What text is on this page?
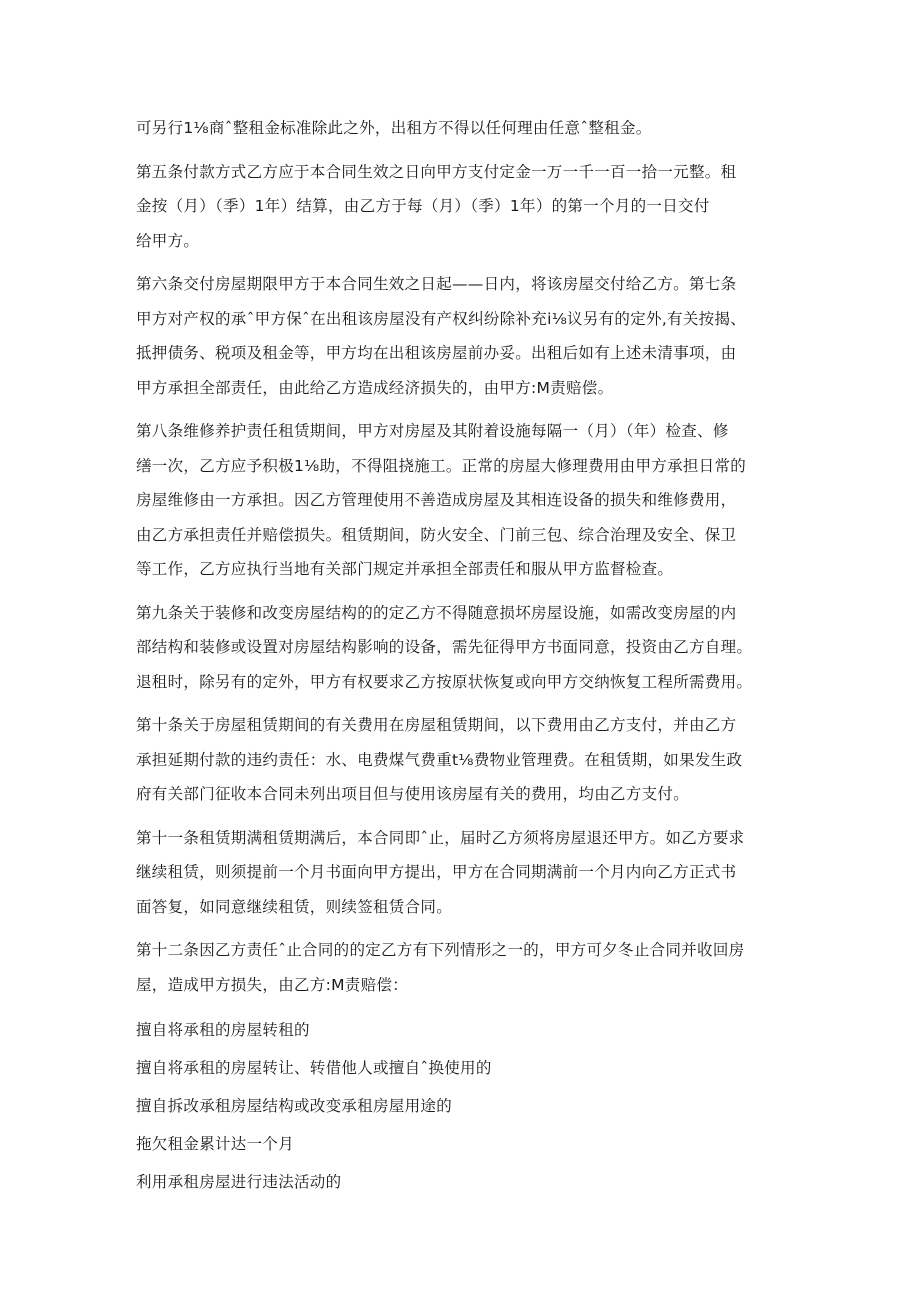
可另行1⅛商ˆ整租金标准除此之外，出租方不得以任何理由任意ˆ整租金。
第五条付款方式乙方应于本合同生效之日向甲方支付定金一万一千一百一拾一元整。租
金按（月）（季）1年）结算，由乙方于每（月）（季）1年）的第一个月的一日交付
给甲方。
第六条交付房屋期限甲方于本合同生效之日起——日内，将该房屋交付给乙方。第七条
甲方对产权的承ˆ甲方保ˆ在出租该房屋没有产权纠纷除补充i⅛议另有的定外,有关按揭、
抵押债务、税项及租金等，甲方均在出租该房屋前办妥。出租后如有上述未清事项，由
甲方承担全部责任，由此给乙方造成经济损失的，由甲方:M责赔偿。
第八条维修养护责任租赁期间，甲方对房屋及其附着设施每隔一（月）（年）检查、修
缮一次，乙方应予积极1⅛助，不得阻挠施工。正常的房屋大修理费用由甲方承担日常的
房屋维修由一方承担。因乙方管理使用不善造成房屋及其相连设备的损失和维修费用，
由乙方承担责任并赔偿损失。租赁期间，防火安全、门前三包、综合治理及安全、保卫
等工作，乙方应执行当地有关部门规定并承担全部责任和服从甲方监督检查。
第九条关于装修和改变房屋结构的的定乙方不得随意损坏房屋设施，如需改变房屋的内
部结构和装修或设置对房屋结构影响的设备，需先征得甲方书面同意，投资由乙方自理。
退租时，除另有的定外，甲方有权要求乙方按原状恢复或向甲方交纳恢复工程所需费用。
第十条关于房屋租赁期间的有关费用在房屋租赁期间，以下费用由乙方支付，并由乙方
承担延期付款的违约责任：水、电费煤气费重t⅛费物业管理费。在租赁期，如果发生政
府有关部门征收本合同未列出项目但与使用该房屋有关的费用，均由乙方支付。
第十一条租赁期满租赁期满后，本合同即ˆ止，届时乙方须将房屋退还甲方。如乙方要求
继续租赁，则须提前一个月书面向甲方提出，甲方在合同期满前一个月内向乙方正式书
面答复，如同意继续租赁，则续签租赁合同。
第十二条因乙方责任ˆ止合同的的定乙方有下列情形之一的，甲方可夕冬止合同并收回房
屋，造成甲方损失，由乙方:M责赔偿：
擅自将承租的房屋转租的
擅自将承租的房屋转让、转借他人或擅自ˆ换使用的
擅自拆改承租房屋结构或改变承租房屋用途的
拖欠租金累计达一个月
利用承租房屋进行违法活动的
